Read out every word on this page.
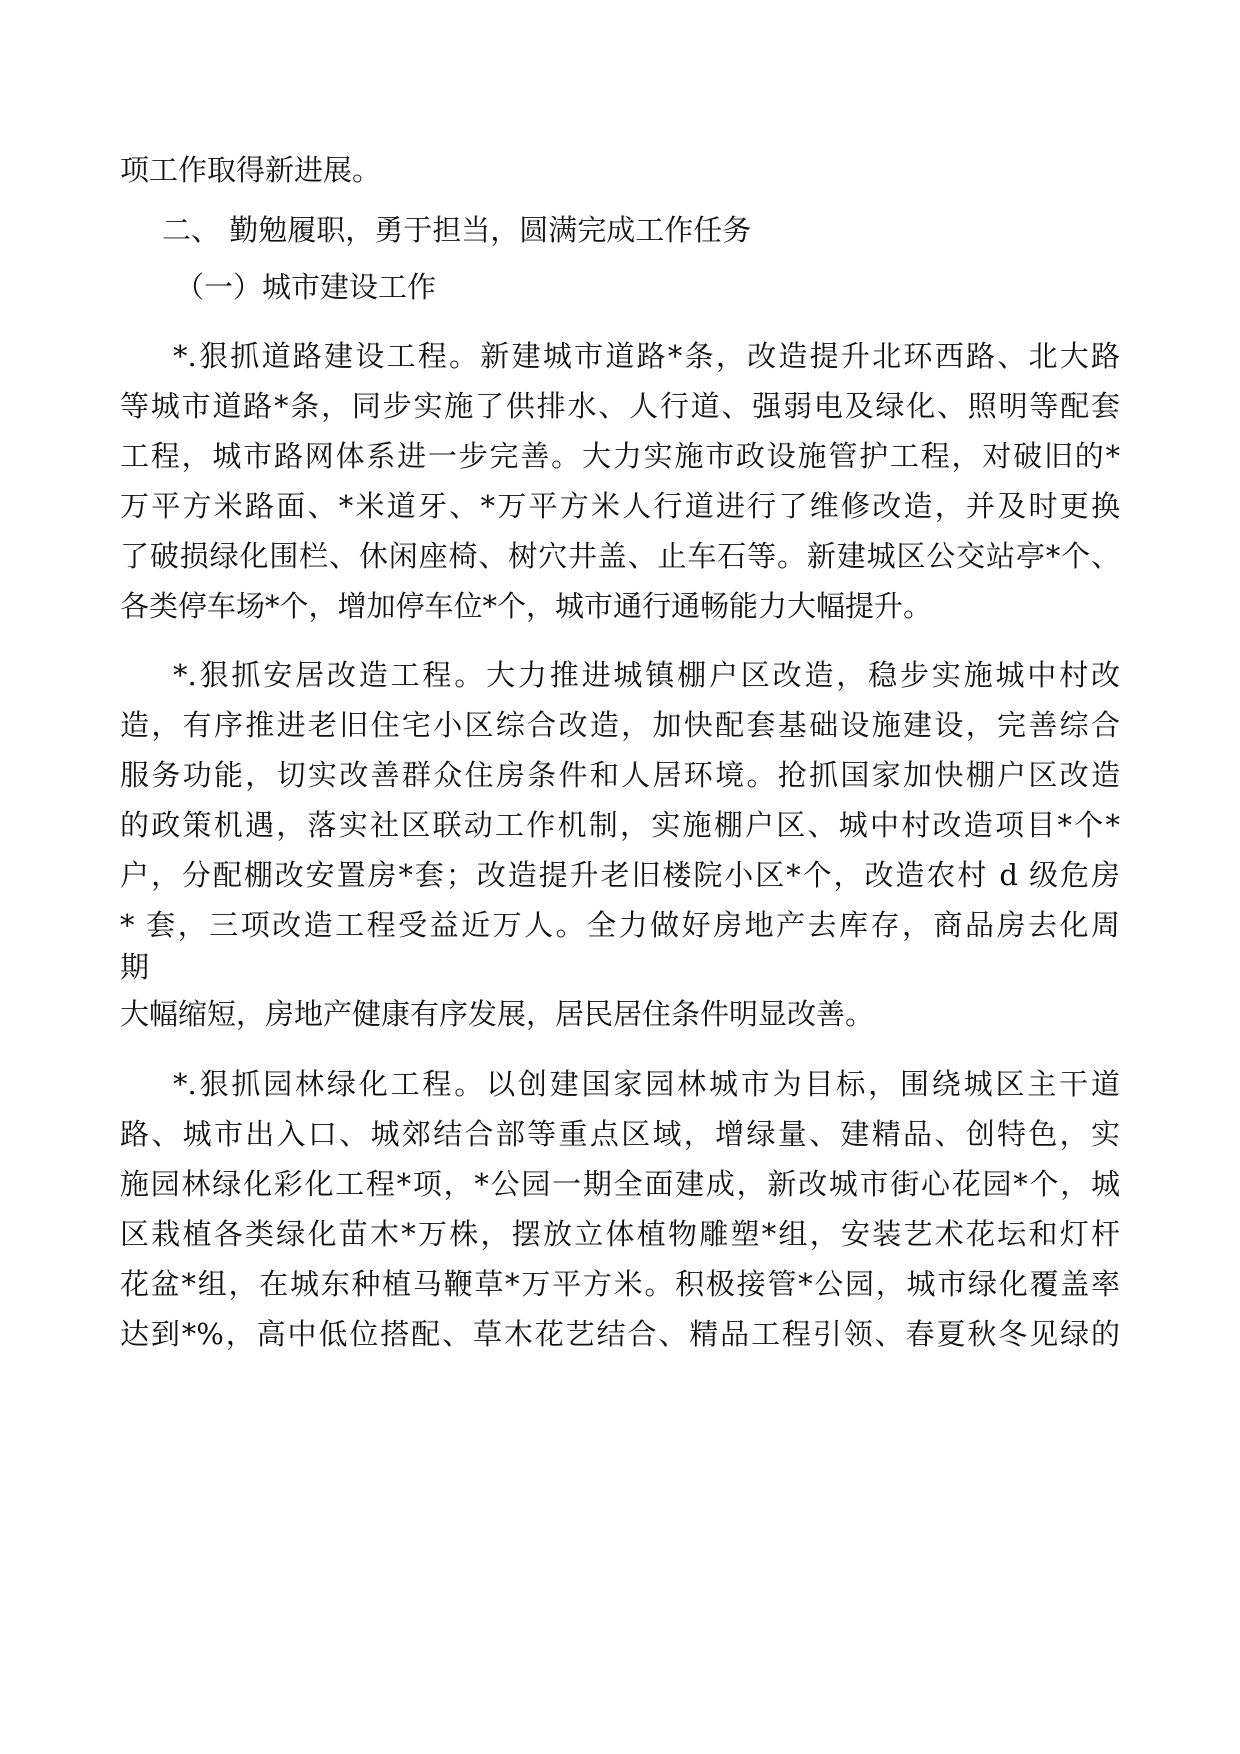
项工作取得新进展。

二、 勤勉履职，勇于担当，圆满完成工作任务

（一）城市建设工作

*.狠抓道路建设工程。新建城市道路*条，改造提升北环西路、北大路

等城市道路*条，同步实施了供排水、人行道、强弱电及绿化、照明等配套

工程，城市路网体系进一步完善。大力实施市政设施管护工程，对破旧的*

万平方米路面、*米道牙、*万平方米人行道进行了维修改造，并及时更换

了破损绿化围栏、休闲座椅、树穴井盖、止车石等。新建城区公交站亭*个、

各类停车场*个，增加停车位*个，城市通行通畅能力大幅提升。

*.狠抓安居改造工程。大力推进城镇棚户区改造，稳步实施城中村改

造，有序推进老旧住宅小区综合改造，加快配套基础设施建设，完善综合

服务功能，切实改善群众住房条件和人居环境。抢抓国家加快棚户区改造

的政策机遇，落实社区联动工作机制，实施棚户区、城中村改造项目*个*

户，分配棚改安置房*套；改造提升老旧楼院小区*个，改造农村 d 级危房

* 套，三项改造工程受益近万人。全力做好房地产去库存，商品房去化周

期

大幅缩短，房地产健康有序发展，居民居住条件明显改善。

*.狠抓园林绿化工程。以创建国家园林城市为目标，围绕城区主干道

路、城市出入口、城郊结合部等重点区域，增绿量、建精品、创特色，实

施园林绿化彩化工程*项，*公园一期全面建成，新改城市街心花园*个，城

区栽植各类绿化苗木*万株，摆放立体植物雕塑*组，安装艺术花坛和灯杆

花盆*组，在城东种植马鞭草*万平方米。积极接管*公园，城市绿化覆盖率

达到*%，高中低位搭配、草木花艺结合、精品工程引领、春夏秋冬见绿的
